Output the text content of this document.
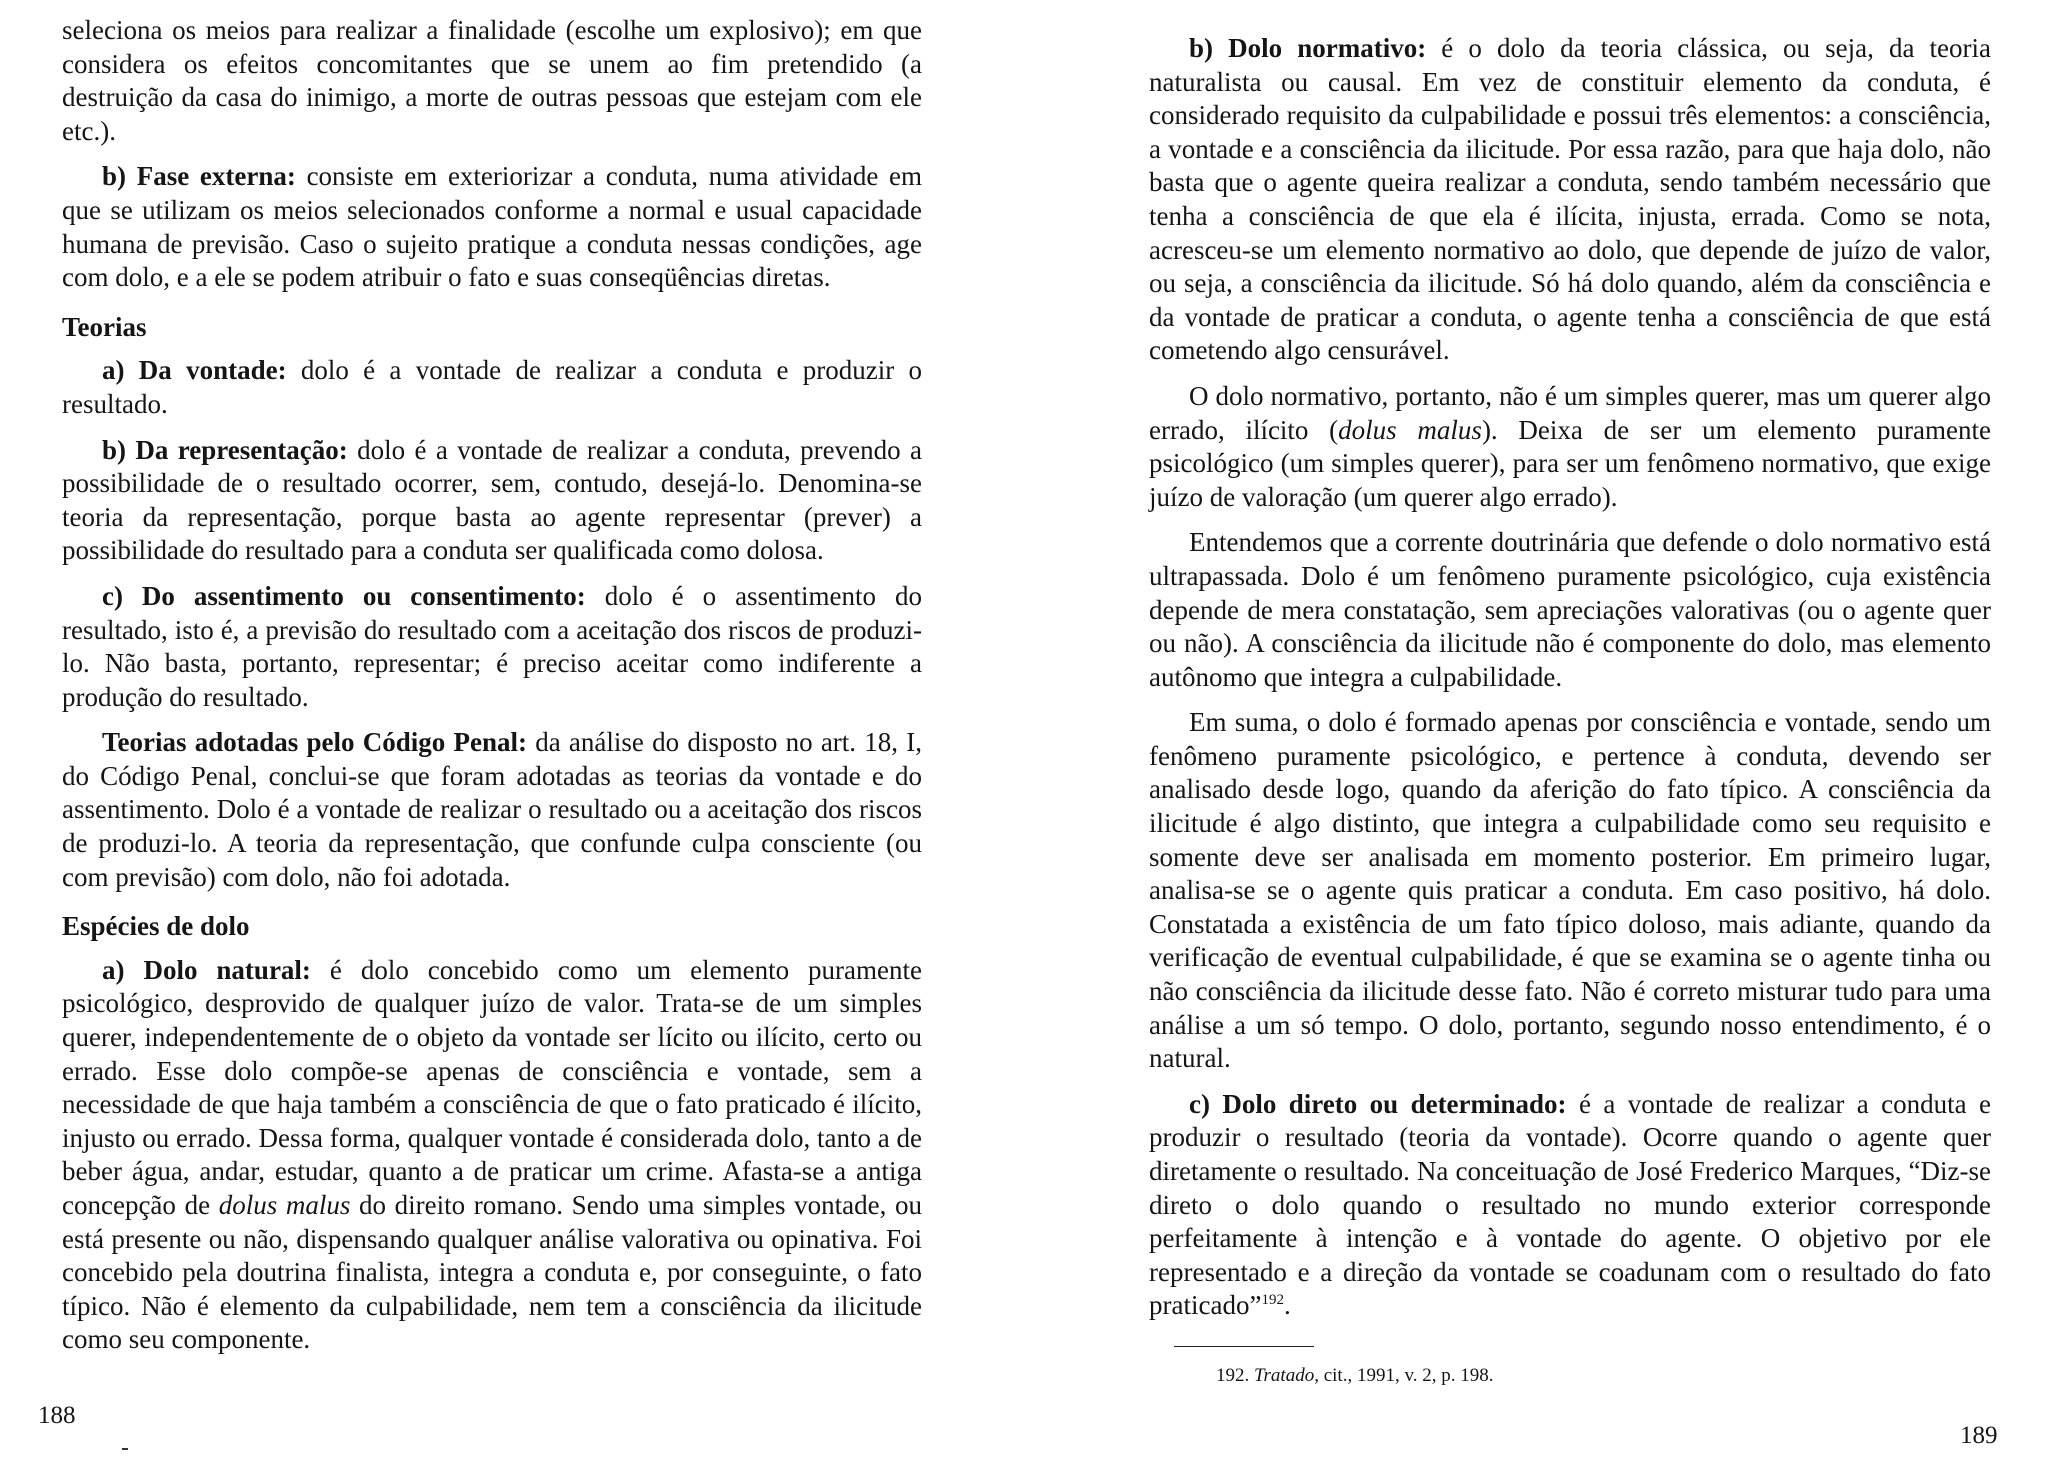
seleciona os meios para realizar a finalidade (escolhe um explosivo); em que considera os efeitos concomitantes que se unem ao fim pretendido (a destruição da casa do inimigo, a morte de outras pessoas que estejam com ele etc.).

b) Fase externa: consiste em exteriorizar a conduta, numa atividade em que se utilizam os meios selecionados conforme a normal e usual capacidade humana de previsão. Caso o sujeito pratique a conduta nessas condições, age com dolo, e a ele se podem atribuir o fato e suas conseqüências diretas.

Teorias

a) Da vontade: dolo é a vontade de realizar a conduta e produzir o resultado.

b) Da representação: dolo é a vontade de realizar a conduta, prevendo a possibilidade de o resultado ocorrer, sem, contudo, desejá-lo. Denomina-se teoria da representação, porque basta ao agente representar (prever) a possibilidade do resultado para a conduta ser qualificada como dolosa.

c) Do assentimento ou consentimento: dolo é o assentimento do resultado, isto é, a previsão do resultado com a aceitação dos riscos de produzi-lo. Não basta, portanto, representar; é preciso aceitar como indiferente a produção do resultado.

Teorias adotadas pelo Código Penal: da análise do disposto no art. 18, I, do Código Penal, conclui-se que foram adotadas as teorias da vontade e do assentimento. Dolo é a vontade de realizar o resultado ou a aceitação dos riscos de produzi-lo. A teoria da representação, que confunde culpa consciente (ou com previsão) com dolo, não foi adotada.

Espécies de dolo

a) Dolo natural: é dolo concebido como um elemento puramente psicológico, desprovido de qualquer juízo de valor. Trata-se de um simples querer, independentemente de o objeto da vontade ser lícito ou ilícito, certo ou errado. Esse dolo compõe-se apenas de consciência e vontade, sem a necessidade de que haja também a consciência de que o fato praticado é ilícito, injusto ou errado. Dessa forma, qualquer vontade é considerada dolo, tanto a de beber água, andar, estudar, quanto a de praticar um crime. Afasta-se a antiga concepção de dolus malus do direito romano. Sendo uma simples vontade, ou está presente ou não, dispensando qualquer análise valorativa ou opinativa. Foi concebido pela doutrina finalista, integra a conduta e, por conseguinte, o fato típico. Não é elemento da culpabilidade, nem tem a consciência da ilicitude como seu componente.

188

b) Dolo normativo: é o dolo da teoria clássica, ou seja, da teoria naturalista ou causal. Em vez de constituir elemento da conduta, é considerado requisito da culpabilidade e possui três elementos: a consciência, a vontade e a consciência da ilicitude. Por essa razão, para que haja dolo, não basta que o agente queira realizar a conduta, sendo também necessário que tenha a consciência de que ela é ilícita, injusta, errada. Como se nota, acresceu-se um elemento normativo ao dolo, que depende de juízo de valor, ou seja, a consciência da ilicitude. Só há dolo quando, além da consciência e da vontade de praticar a conduta, o agente tenha a consciência de que está cometendo algo censurável.

O dolo normativo, portanto, não é um simples querer, mas um querer algo errado, ilícito (dolus malus). Deixa de ser um elemento puramente psicológico (um simples querer), para ser um fenômeno normativo, que exige juízo de valoração (um querer algo errado).

Entendemos que a corrente doutrinária que defende o dolo normativo está ultrapassada. Dolo é um fenômeno puramente psicológico, cuja existência depende de mera constatação, sem apreciações valorativas (ou o agente quer ou não). A consciência da ilicitude não é componente do dolo, mas elemento autônomo que integra a culpabilidade.

Em suma, o dolo é formado apenas por consciência e vontade, sendo um fenômeno puramente psicológico, e pertence à conduta, devendo ser analisado desde logo, quando da aferição do fato típico. A consciência da ilicitude é algo distinto, que integra a culpabilidade como seu requisito e somente deve ser analisada em momento posterior. Em primeiro lugar, analisa-se se o agente quis praticar a conduta. Em caso positivo, há dolo. Constatada a existência de um fato típico doloso, mais adiante, quando da verificação de eventual culpabilidade, é que se examina se o agente tinha ou não consciência da ilicitude desse fato. Não é correto misturar tudo para uma análise a um só tempo. O dolo, portanto, segundo nosso entendimento, é o natural.

c) Dolo direto ou determinado: é a vontade de realizar a conduta e produzir o resultado (teoria da vontade). Ocorre quando o agente quer diretamente o resultado. Na conceituação de José Frederico Marques, “Diz-se direto o dolo quando o resultado no mundo exterior corresponde perfeitamente à intenção e à vontade do agente. O objetivo por ele representado e a direção da vontade se coadunam com o resultado do fato praticado”$^{192}$.

192. Tratado, cit., 1991, v. 2, p. 198.
189
